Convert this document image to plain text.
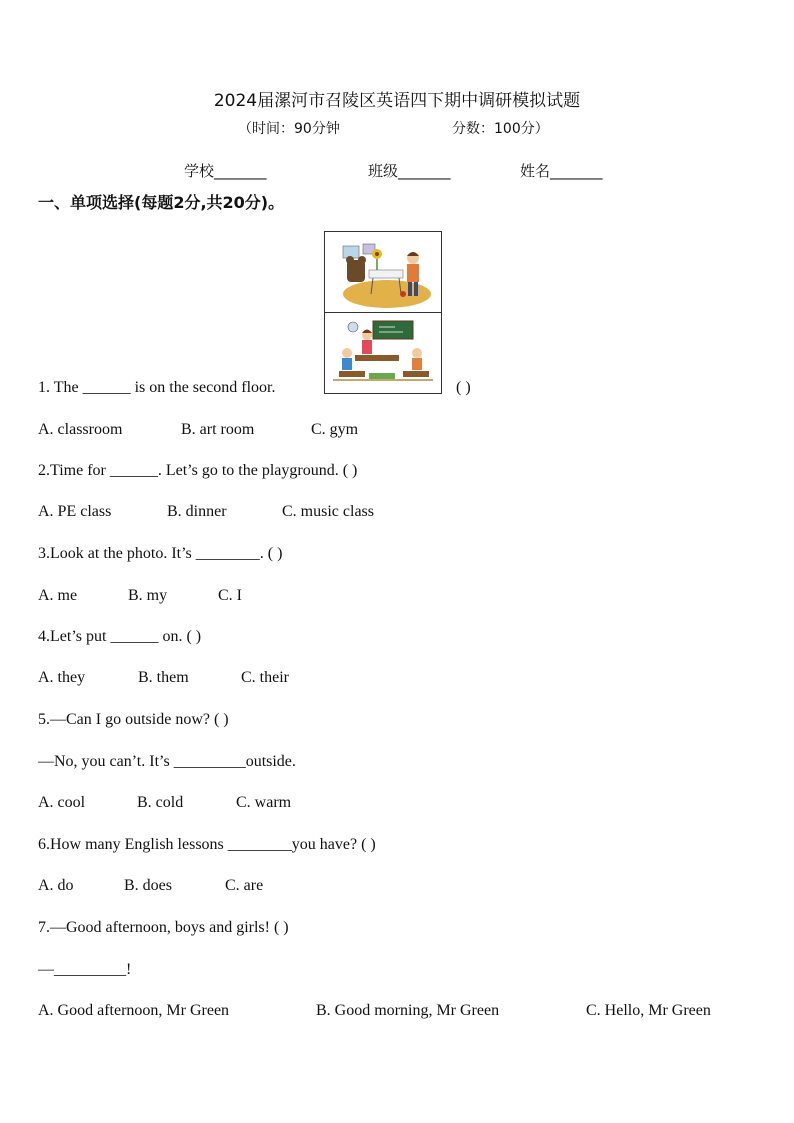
2024届漯河市召陵区英语四下期中调研模拟试题
（时间：90分钟	分数：100分）
学校_______	班级_______	姓名_______
一、单项选择(每题2分,共20分)。
1. The ______ is on the second floor.	( )
A. classroom	B. art room	C. gym
2.Time for ______. Let’s go to the playground. ( )
A. PE class	B. dinner	C. music class
3.Look at the photo. It’s ________. ( )
A. me	B. my	C. I
4.Let’s put ______ on. ( )
A. they	B. them	C. their
5.—Can I go outside now? ( )
—No, you can’t. It’s _________outside.
A. cool	B. cold	C. warm
6.How many English lessons ________you have? ( )
A. do	B. does	C. are
7.—Good afternoon, boys and girls! ( )
—_________!
A. Good afternoon, Mr Green	B. Good morning, Mr Green	C. Hello, Mr Green
